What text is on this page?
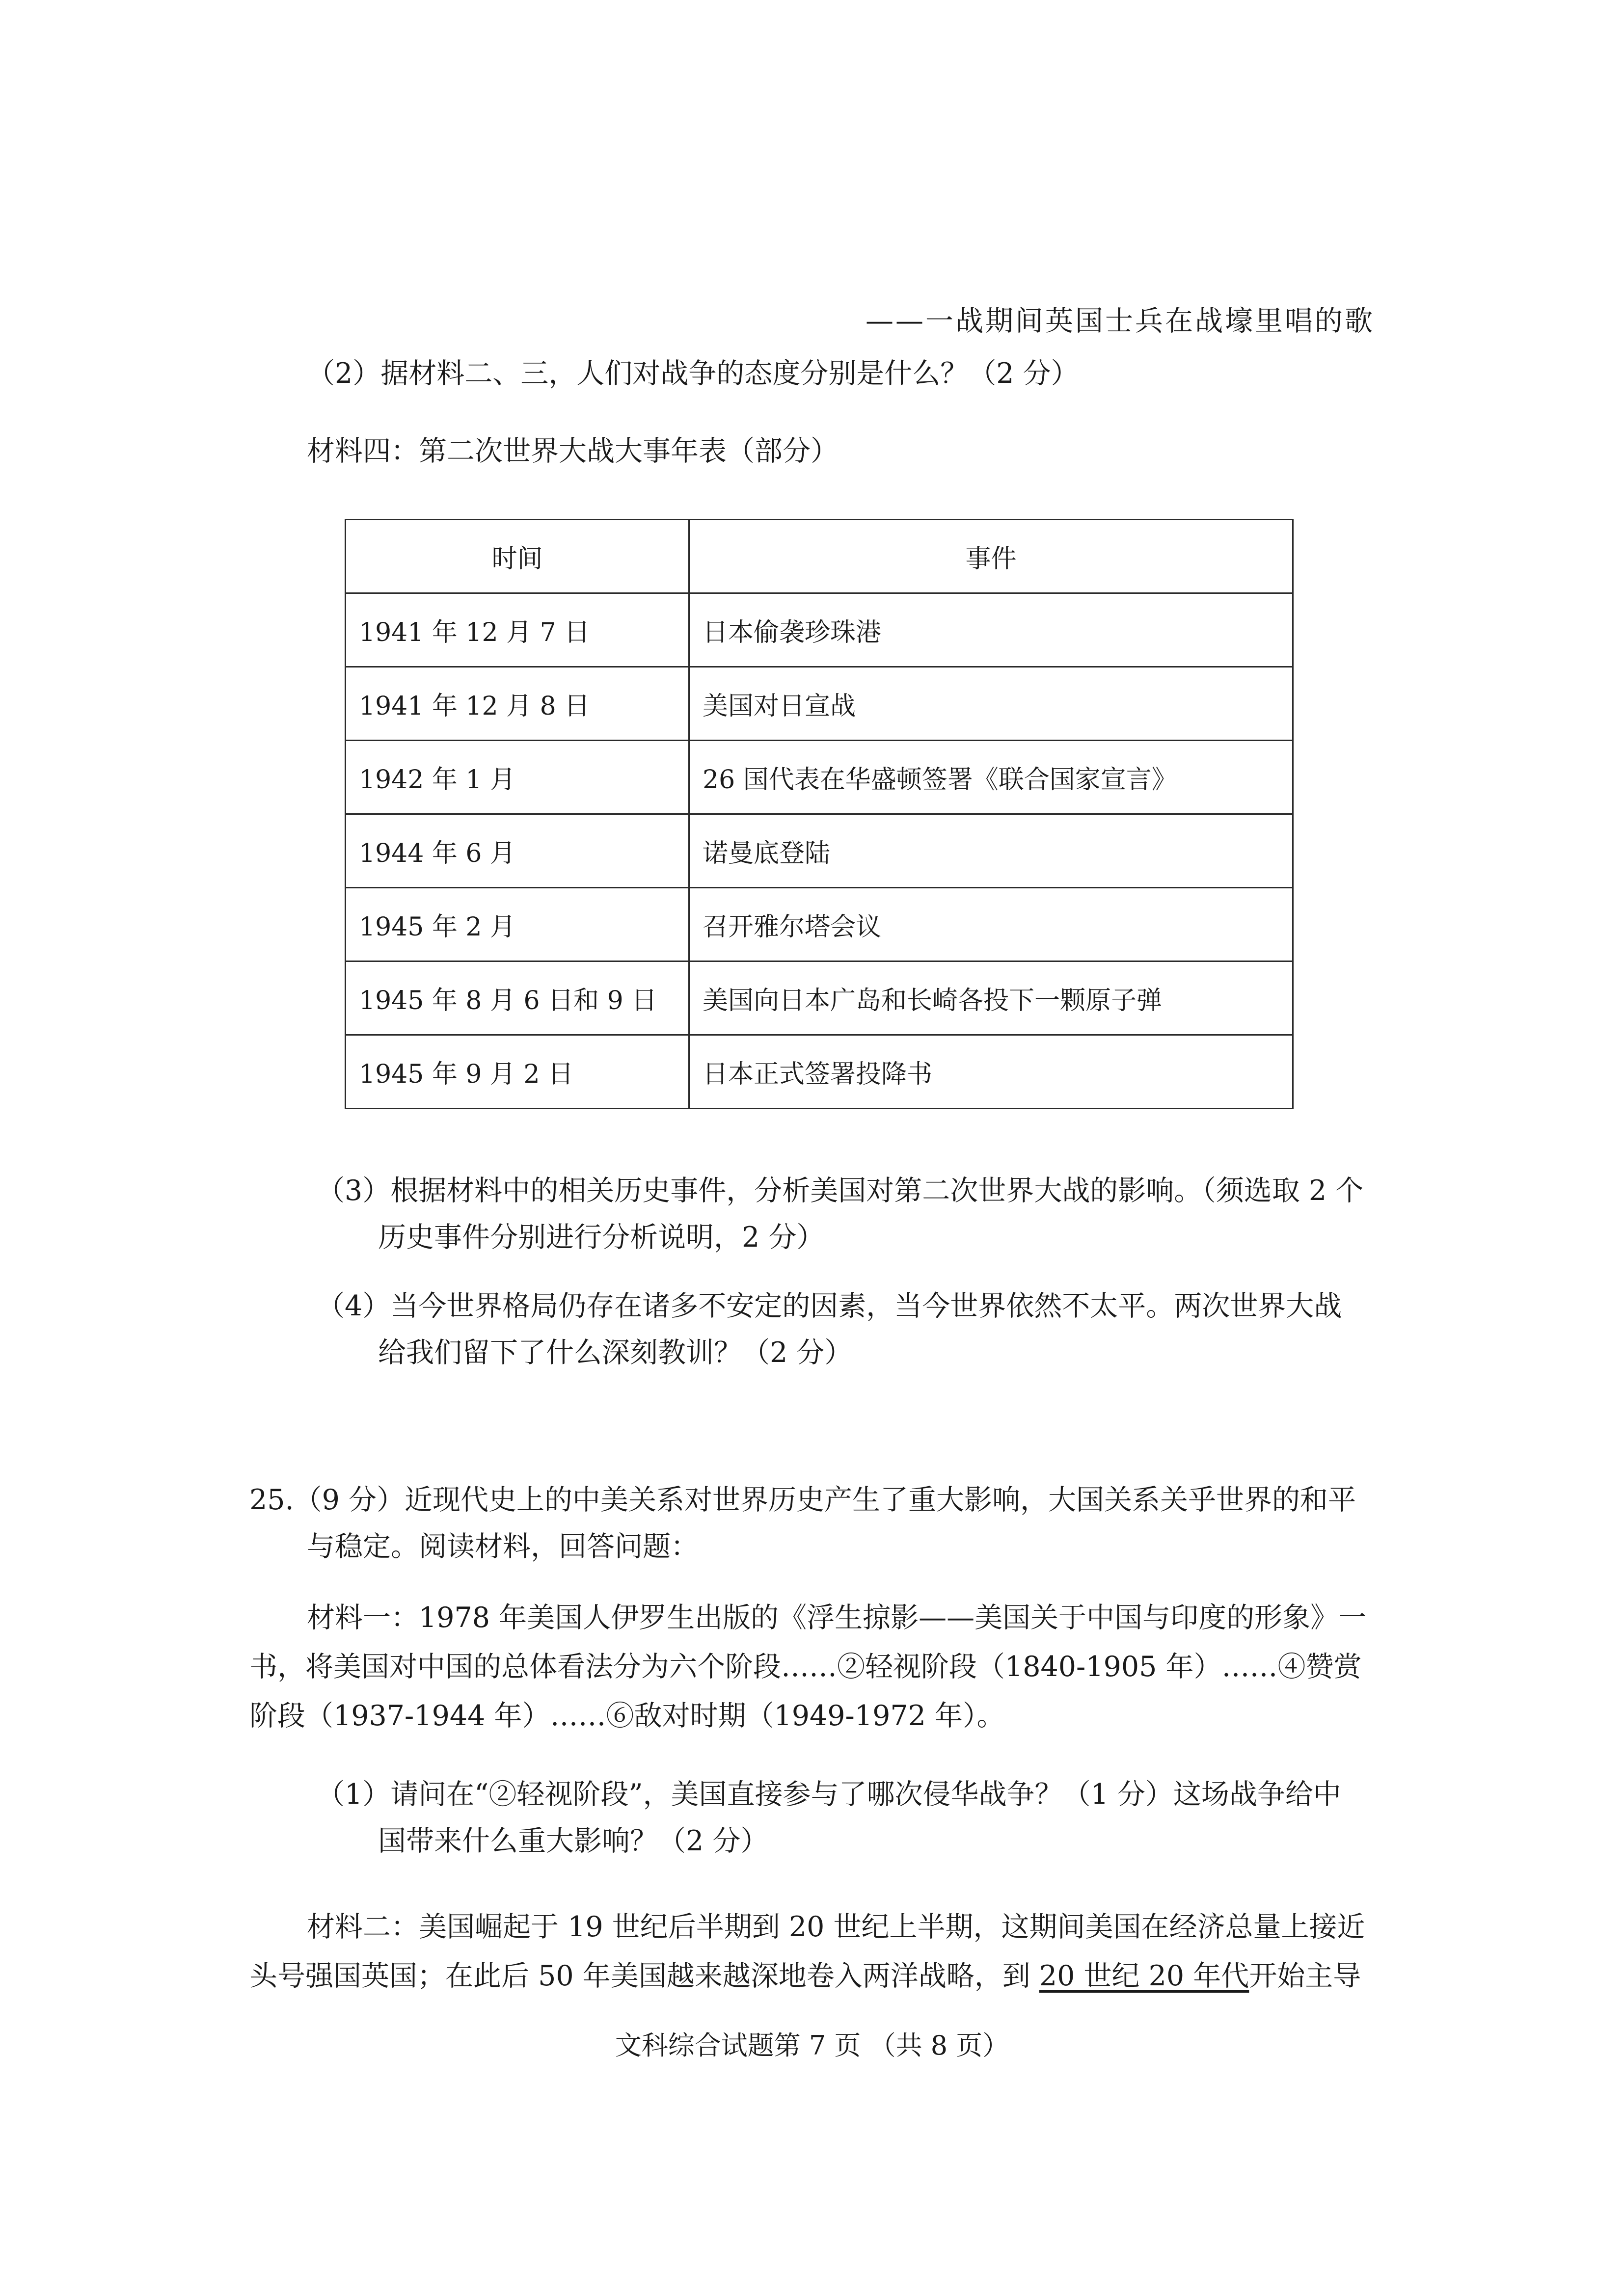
——一战期间英国士兵在战壕里唱的歌
（2）据材料二、三，人们对战争的态度分别是什么？（2 分）
材料四：第二次世界大战大事年表（部分）
时间	事件
1941 年 12 月 7 日	日本偷袭珍珠港
1941 年 12 月 8 日	美国对日宣战
1942 年 1 月	26 国代表在华盛顿签署《联合国家宣言》
1944 年 6 月	诺曼底登陆
1945 年 2 月	召开雅尔塔会议
1945 年 8 月 6 日和 9 日	美国向日本广岛和长崎各投下一颗原子弹
1945 年 9 月 2 日	日本正式签署投降书
（3）根据材料中的相关历史事件，分析美国对第二次世界大战的影响。（须选取 2 个
历史事件分别进行分析说明，2 分）
（4）当今世界格局仍存在诸多不安定的因素，当今世界依然不太平。两次世界大战
给我们留下了什么深刻教训？（2 分）
25.（9 分）近现代史上的中美关系对世界历史产生了重大影响，大国关系关乎世界的和平
与稳定。阅读材料，回答问题：
材料一：1978 年美国人伊罗生出版的《浮生掠影——美国关于中国与印度的形象》一
书，将美国对中国的总体看法分为六个阶段……②轻视阶段（1840-1905 年）……④赞赏
阶段（1937-1944 年）……⑥敌对时期（1949-1972 年）。
（1）请问在“②轻视阶段”，美国直接参与了哪次侵华战争？（1 分）这场战争给中
国带来什么重大影响？（2 分）
材料二：美国崛起于 19 世纪后半期到 20 世纪上半期，这期间美国在经济总量上接近
头号强国英国；在此后 50 年美国越来越深地卷入两洋战略，到 20 世纪 20 年代开始主导
文科综合试题第 7 页 （共 8 页）
